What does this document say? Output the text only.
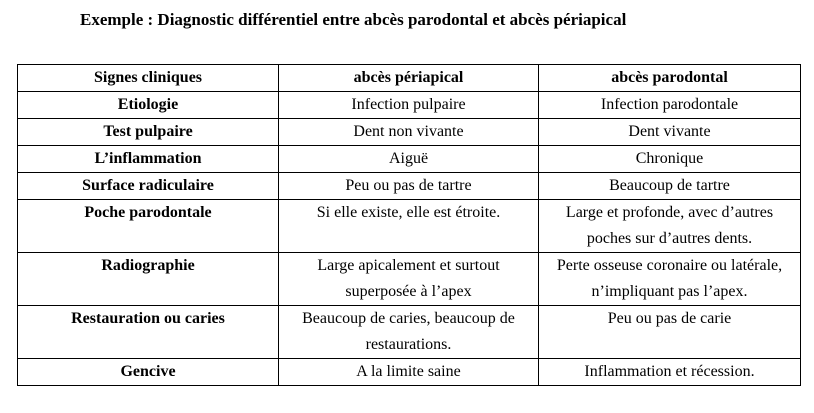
Exemple : Diagnostic différentiel entre abcès parodontal et abcès périapical
Signes cliniques	abcès périapical	abcès parodontal
Etiologie	Infection pulpaire	Infection parodontale
Test pulpaire	Dent non vivante	Dent vivante
L’inflammation	Aiguë	Chronique
Surface radiculaire	Peu ou pas de tartre	Beaucoup de tartre
Poche parodontale	Si elle existe, elle est étroite.	Large et profonde, avec d’autres poches sur d’autres dents.
Radiographie	Large apicalement et surtout superposée à l’apex	Perte osseuse coronaire ou latérale, n’impliquant pas l’apex.
Restauration ou caries	Beaucoup de caries, beaucoup de restaurations.	Peu ou pas de carie
Gencive	A la limite saine	Inflammation et récession.
